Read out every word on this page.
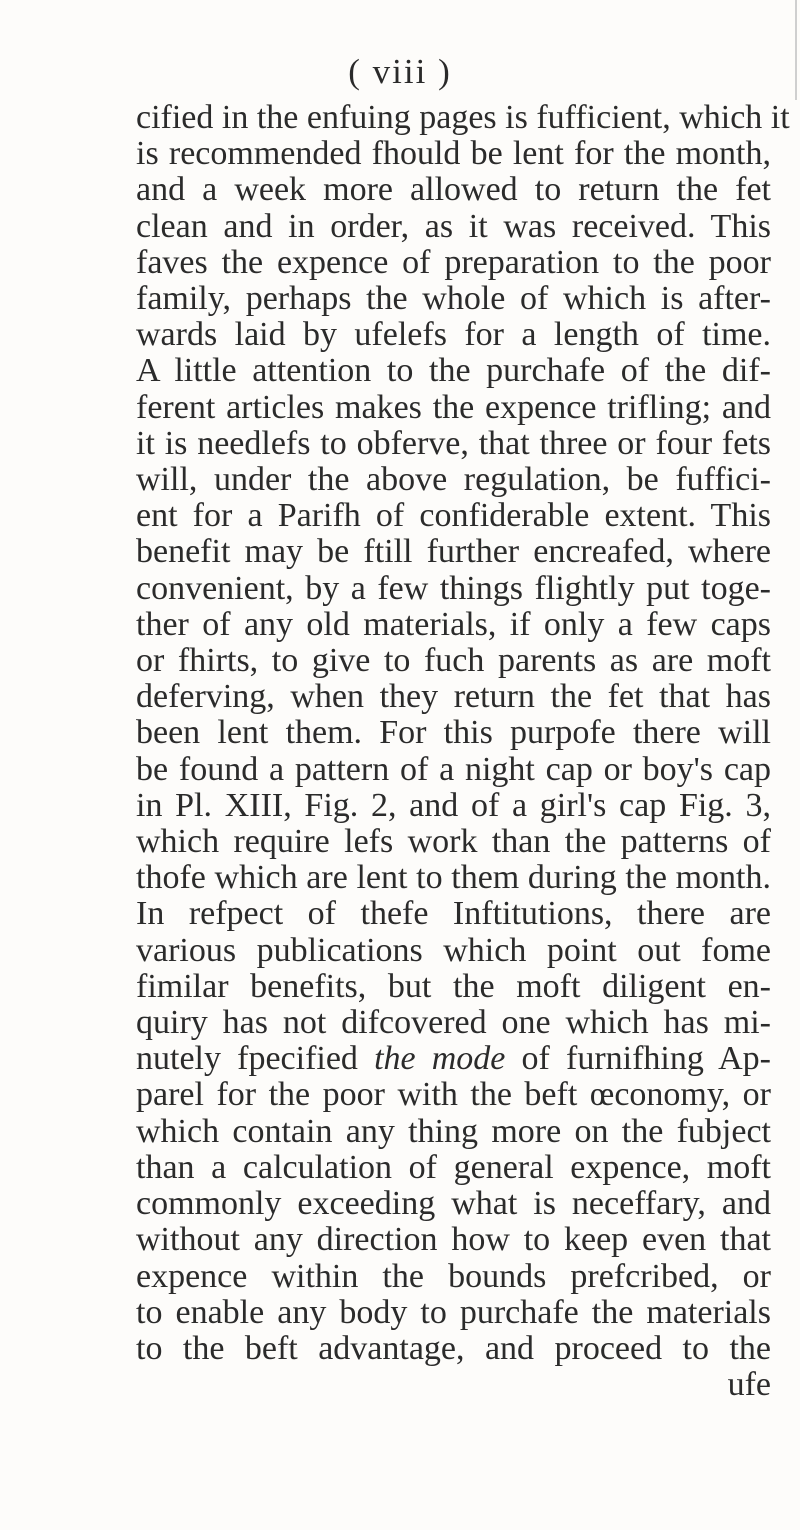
( viii )

cified in the enfuing pages is fufficient, which it
is recommended fhould be lent for the month,
and a week more allowed to return the fet
clean and in order, as it was received. This
faves the expence of preparation to the poor
family, perhaps the whole of which is after-
wards laid by ufelefs for a length of time.
A little attention to the purchafe of the dif-
ferent articles makes the expence trifling; and
it is needlefs to obferve, that three or four fets
will, under the above regulation, be fuffici-
ent for a Parifh of confiderable extent. This
benefit may be ftill further encreafed, where
convenient, by a few things flightly put toge-
ther of any old materials, if only a few caps
or fhirts, to give to fuch parents as are moft
deferving, when they return the fet that has
been lent them. For this purpofe there will
be found a pattern of a night cap or boy's cap
in Pl. XIII, Fig. 2, and of a girl's cap Fig. 3,
which require lefs work than the patterns of
thofe which are lent to them during the month.
In refpect of thefe Inftitutions, there are
various publications which point out fome
fimilar benefits, but the moft diligent en-
quiry has not difcovered one which has mi-
nutely fpecified the mode of furnifhing Ap-
parel for the poor with the beft œconomy, or
which contain any thing more on the fubject
than a calculation of general expence, moft
commonly exceeding what is neceffary, and
without any direction how to keep even that
expence within the bounds prefcribed, or
to enable any body to purchafe the materials
to the beft advantage, and proceed to the
ufe
